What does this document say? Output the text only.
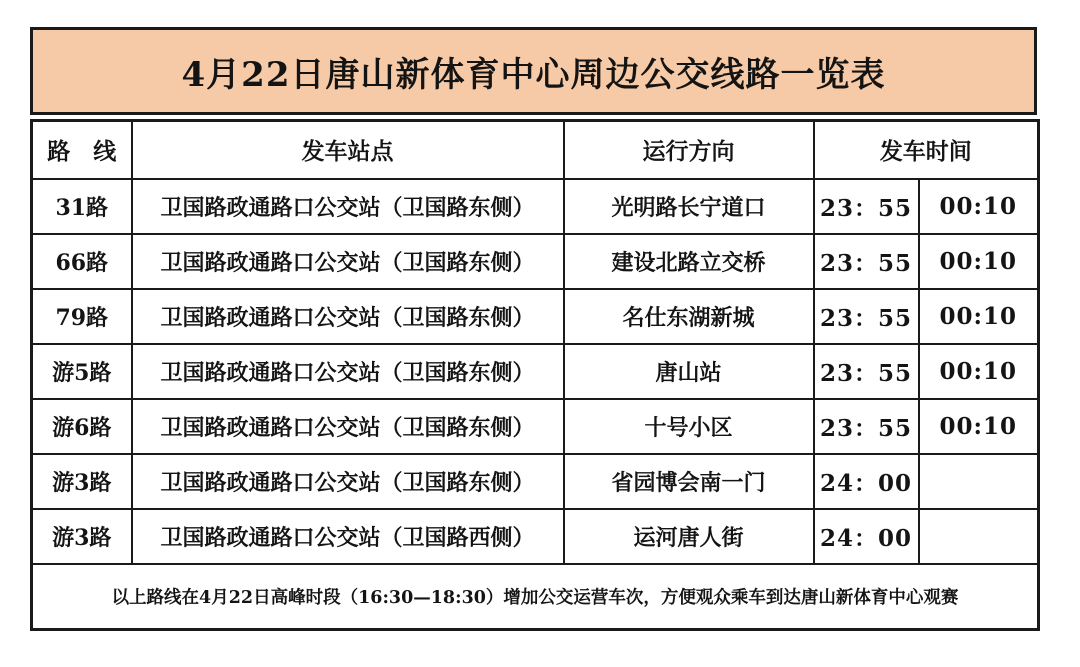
4月22日唐山新体育中心周边公交线路一览表
路　线	发车站点	运行方向	发车时间	
31路	卫国路政通路口公交站（卫国路东侧）	光明路长宁道口	23：55	00:10
66路	卫国路政通路口公交站（卫国路东侧）	建设北路立交桥	23：55	00:10
79路	卫国路政通路口公交站（卫国路东侧）	名仕东湖新城	23：55	00:10
游5路	卫国路政通路口公交站（卫国路东侧）	唐山站	23：55	00:10
游6路	卫国路政通路口公交站（卫国路东侧）	十号小区	23：55	00:10
游3路	卫国路政通路口公交站（卫国路东侧）	省园博会南一门	24：00	
游3路	卫国路政通路口公交站（卫国路西侧）	运河唐人街	24：00	
以上路线在4月22日高峰时段（16:30—18:30）增加公交运营车次，方便观众乘车到达唐山新体育中心观赛				
